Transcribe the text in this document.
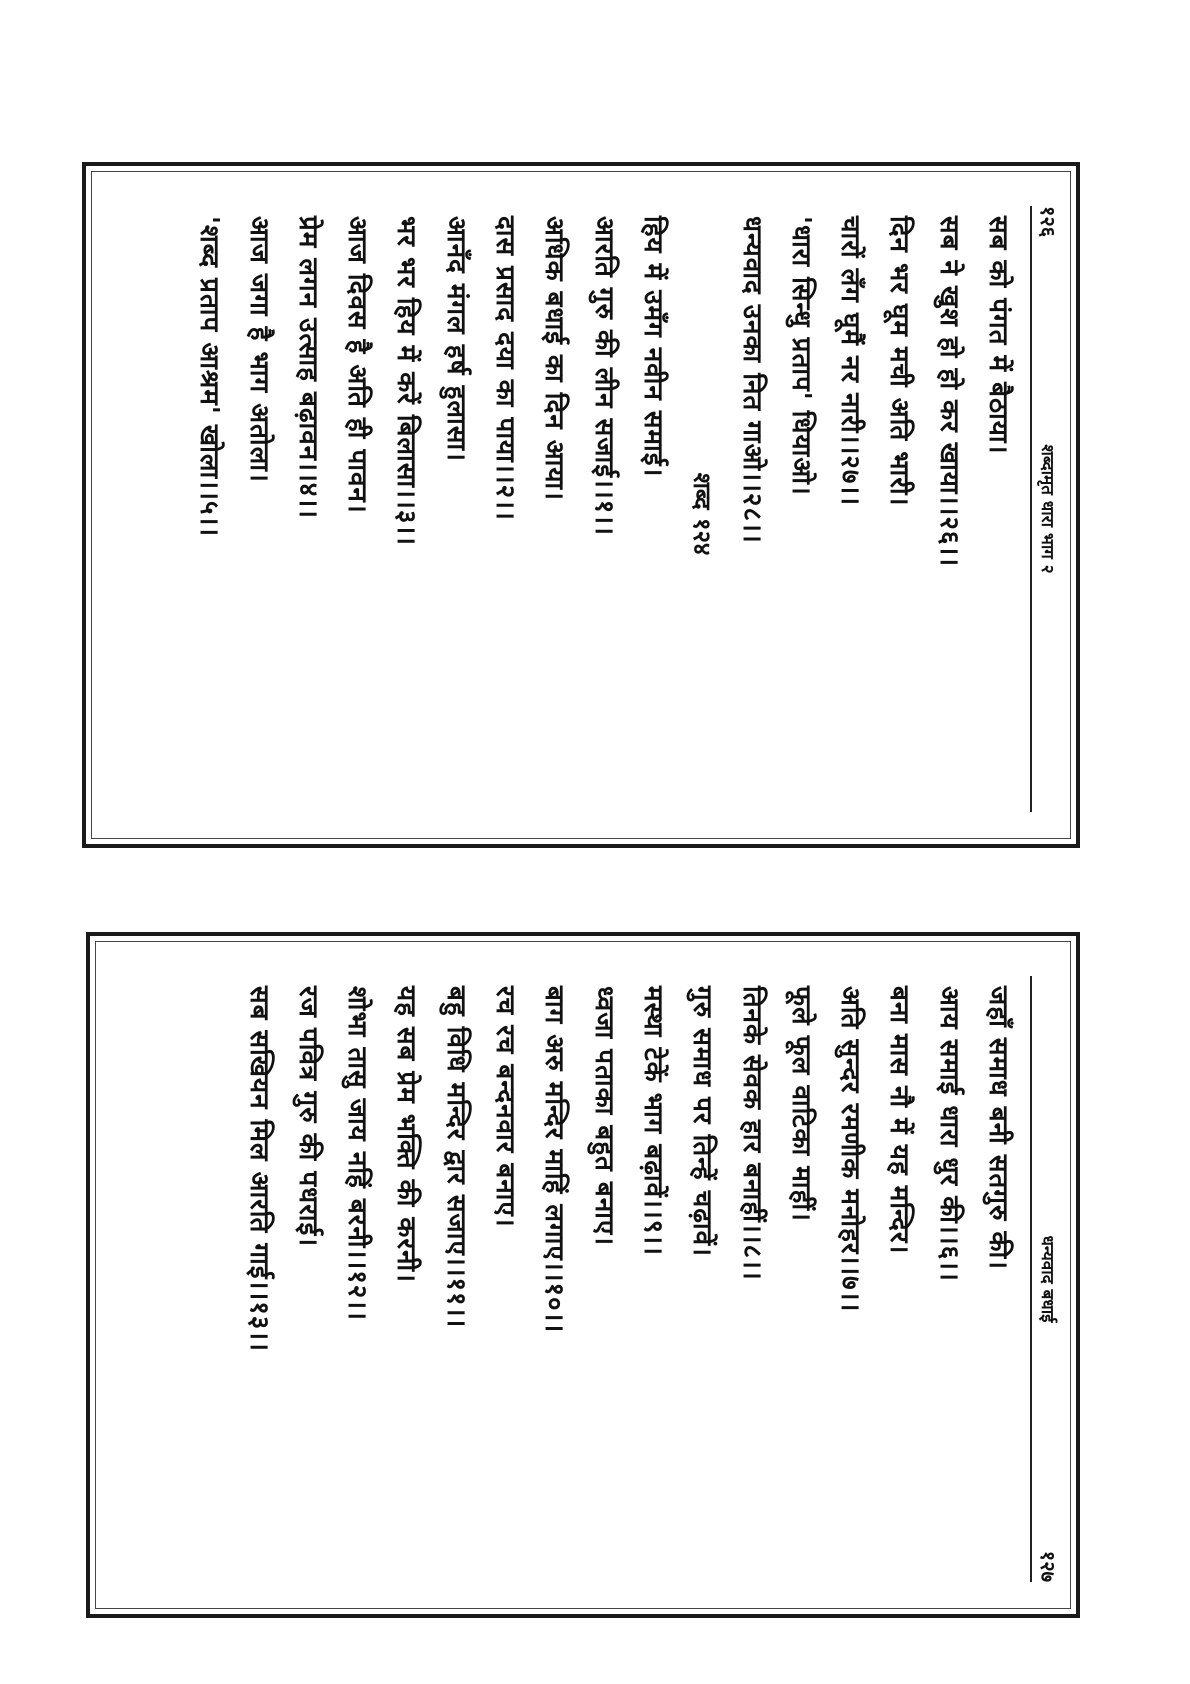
१२६
शब्दामृत धारा भाग २
सब को पंगत में बैठाया।
सब ने खुश हो हो कर खाया।।२६।।
दिन भर घूम मची अति भारी।
चारों लँग घूमैं नर नारी।।२७।।
'धारा सिन्धु प्रताप' धियाओ।
धन्यवाद उनका नित गाओ।।२८।।
शब्द १२४
हिय में उमँग नवीन समाई।
आरति गुरु की लीन सजाई।।१।।
अधिक बधाई का दिन आया।
दास प्रसाद दया का पाया।।२।।
आनँद मंगल हर्ष हुलासा।
भर भर हिय में करें बिलासा।।३।।
आज दिवस है अति ही पावन।
प्रेम लगन उत्साह बढ़ावन।।४।।
आज जगा है भाग अतोला।
'शब्द प्रताप आश्रम' खोला।।५।।
धन्यवाद बधाई
१२७
जहाँ समाध बनी सतगुरु की।
आय समाई धारा धुर की।।६।।
बना मास नौ में यह मन्दिर।
अति सुन्दर रमणीक मनोहर।।७।।
फूले फूल वाटिका माहीं।
तिनके सेवक हार बनाहीं।।८।।
गुरु समाध पर तिन्हें चढ़ावें।
मस्था टेकें भाग बढ़ावें।।९।।
ध्वजा पताका बहुत बनाए।
बाग अरु मन्दिर माहिं लगाए।।१०।।
रच रच बन्दनवार बनाए।
बहु विधि मन्दिर द्वार सजाए।।११।।
यह सब प्रेम भक्ति की करनी।
शोभा तासु जाय नहिं बरनी।।१२।।
रज पवित्र गुरु की पधराई।
सब सखियन मिल आरति गाई।।१३।।
